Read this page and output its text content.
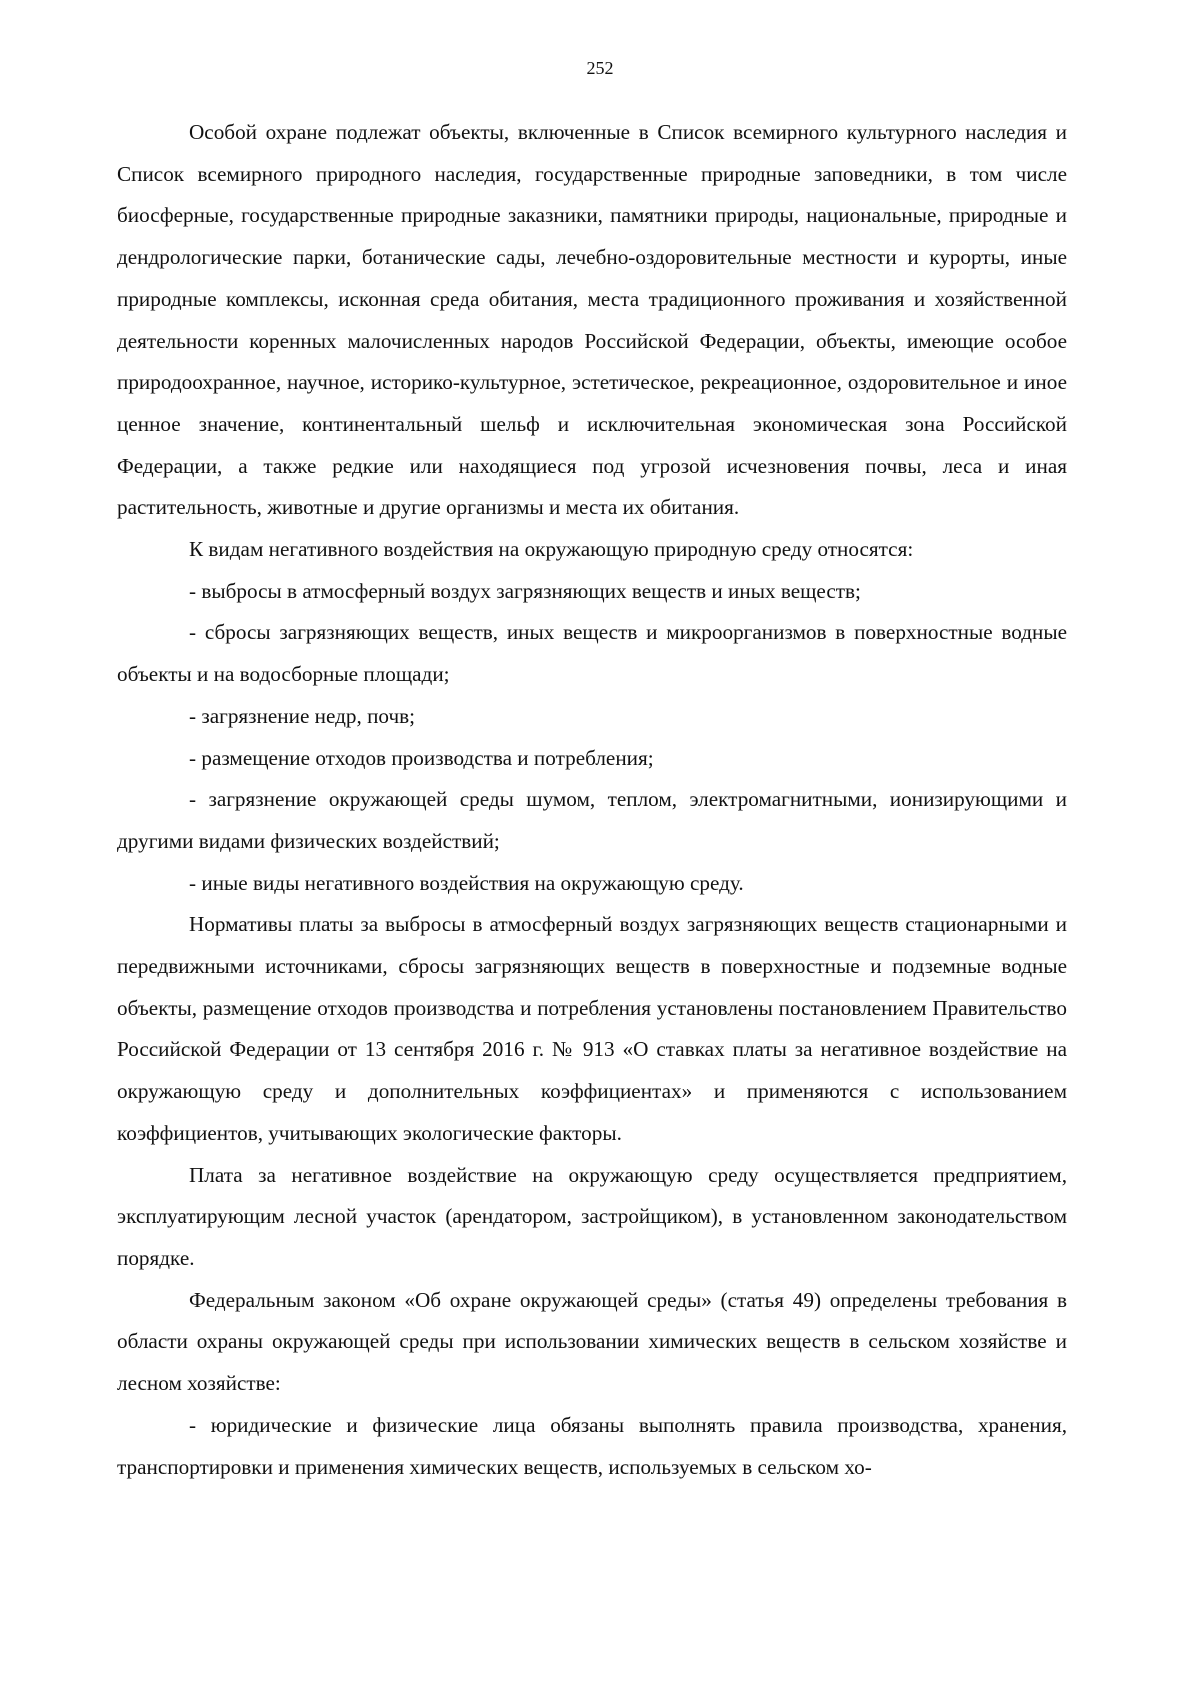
252

Особой охране подлежат объекты, включенные в Список всемирного культурного наследия и Список всемирного природного наследия, государственные природные заповедники, в том числе биосферные, государственные природные заказники, памятники природы, национальные, природные и дендрологические парки, ботанические сады, лечебно-оздоровительные местности и курорты, иные природные комплексы, исконная среда обитания, места традиционного проживания и хозяйственной деятельности коренных малочисленных народов Российской Федерации, объекты, имеющие особое природоохранное, научное, историко-культурное, эстетическое, рекреационное, оздоровительное и иное ценное значение, континентальный шельф и исключительная экономическая зона Российской Федерации, а также редкие или находящиеся под угрозой исчезновения почвы, леса и иная растительность, животные и другие организмы и места их обитания.

К видам негативного воздействия на окружающую природную среду относятся:

- выбросы в атмосферный воздух загрязняющих веществ и иных веществ;

- сбросы загрязняющих веществ, иных веществ и микроорганизмов в поверхностные водные объекты и на водосборные площади;

- загрязнение недр, почв;

- размещение отходов производства и потребления;

- загрязнение окружающей среды шумом, теплом, электромагнитными, ионизирующими и другими видами физических воздействий;

- иные виды негативного воздействия на окружающую среду.

Нормативы платы за выбросы в атмосферный воздух загрязняющих веществ стационарными и передвижными источниками, сбросы загрязняющих веществ в поверхностные и подземные водные объекты, размещение отходов производства и потребления установлены постановлением Правительство Российской Федерации от 13 сентября 2016 г. № 913 «О ставках платы за негативное воздействие на окружающую среду и дополнительных коэффициентах» и применяются с использованием коэффициентов, учитывающих экологические факторы.

Плата за негативное воздействие на окружающую среду осуществляется предприятием, эксплуатирующим лесной участок (арендатором, застройщиком), в установленном законодательством порядке.

Федеральным законом «Об охране окружающей среды» (статья 49) определены требования в области охраны окружающей среды при использовании химических веществ в сельском хозяйстве и лесном хозяйстве:

- юридические и физические лица обязаны выполнять правила производства, хранения, транспортировки и применения химических веществ, используемых в сельском хо-
